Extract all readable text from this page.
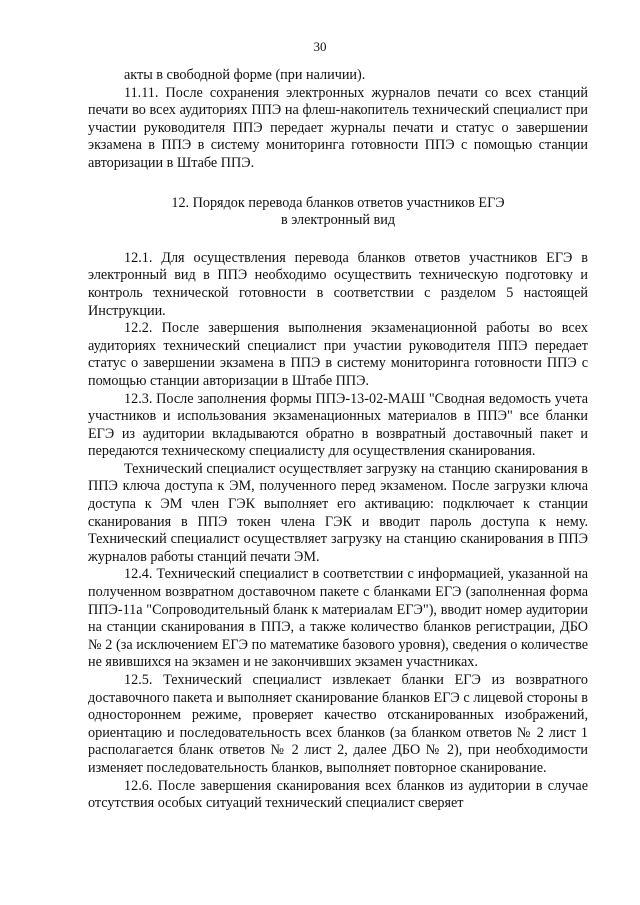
30

акты в свободной форме (при наличии).

11.11. После сохранения электронных журналов печати со всех станций печати во всех аудиториях ППЭ на флеш-накопитель технический специалист при участии руководителя ППЭ передает журналы печати и статус о завершении экзамена в ППЭ в систему мониторинга готовности ППЭ с помощью станции авторизации в Штабе ППЭ.

12. Порядок перевода бланков ответов участников ЕГЭ
в электронный вид

12.1. Для осуществления перевода бланков ответов участников ЕГЭ в электронный вид в ППЭ необходимо осуществить техническую подготовку и контроль технической готовности в соответствии с разделом 5 настоящей Инструкции.

12.2. После завершения выполнения экзаменационной работы во всех аудиториях технический специалист при участии руководителя ППЭ передает статус о завершении экзамена в ППЭ в систему мониторинга готовности ППЭ с помощью станции авторизации в Штабе ППЭ.

12.3. После заполнения формы ППЭ-13-02-МАШ "Сводная ведомость учета участников и использования экзаменационных материалов в ППЭ" все бланки ЕГЭ из аудитории вкладываются обратно в возвратный доставочный пакет и передаются техническому специалисту для осуществления сканирования.

Технический специалист осуществляет загрузку на станцию сканирования в ППЭ ключа доступа к ЭМ, полученного перед экзаменом. После загрузки ключа доступа к ЭМ член ГЭК выполняет его активацию: подключает к станции сканирования в ППЭ токен члена ГЭК и вводит пароль доступа к нему. Технический специалист осуществляет загрузку на станцию сканирования в ППЭ журналов работы станций печати ЭМ.

12.4. Технический специалист в соответствии с информацией, указанной на полученном возвратном доставочном пакете с бланками ЕГЭ (заполненная форма ППЭ-11а "Сопроводительный бланк к материалам ЕГЭ"), вводит номер аудитории на станции сканирования в ППЭ, а также количество бланков регистрации, ДБО № 2 (за исключением ЕГЭ по математике базового уровня), сведения о количестве не явившихся на экзамен и не закончивших экзамен участниках.

12.5. Технический специалист извлекает бланки ЕГЭ из возвратного доставочного пакета и выполняет сканирование бланков ЕГЭ с лицевой стороны в одностороннем режиме, проверяет качество отсканированных изображений, ориентацию и последовательность всех бланков (за бланком ответов № 2 лист 1 располагается бланк ответов № 2 лист 2, далее ДБО № 2), при необходимости изменяет последовательность бланков, выполняет повторное сканирование.

12.6. После завершения сканирования всех бланков из аудитории в случае отсутствия особых ситуаций технический специалист сверяет
